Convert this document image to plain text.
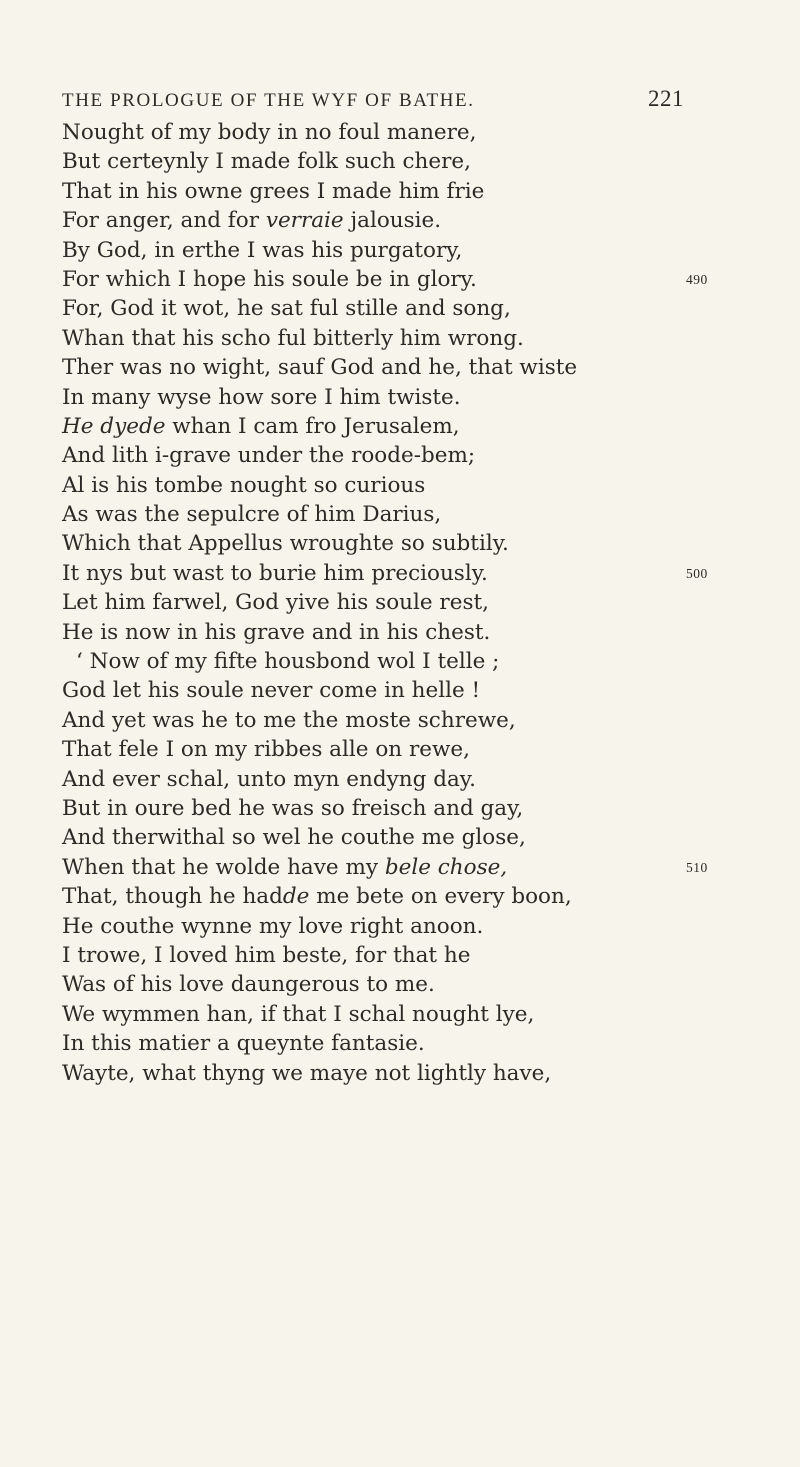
THE PROLOGUE OF THE WYF OF BATHE.	221
Nought of my body in no foul manere,
But certeynly I made folk such chere,
That in his owne grees I made him frie
For anger, and for verraie jalousie.
By God, in erthe I was his purgatory,
For which I hope his soule be in glory.	490
For, God it wot, he sat ful stille and song,
Whan that his scho ful bitterly him wrong.
Ther was no wight, sauf God and he, that wiste
In many wyse how sore I him twiste.
He dyede whan I cam fro Jerusalem,
And lith i-grave under the roode-bem;
Al is his tombe nought so curious
As was the sepulcre of him Darius,
Which that Appellus wroughte so subtily.
It nys but wast to burie him preciously.	500
Let him farwel, God yive his soule rest,
He is now in his grave and in his chest.
‘ Now of my fifte housbond wol I telle ;
God let his soule never come in helle !
And yet was he to me the moste schrewe,
That fele I on my ribbes alle on rewe,
And ever schal, unto myn endyng day.
But in oure bed he was so freisch and gay,
And therwithal so wel he couthe me glose,
When that he wolde have my bele chose,	510
That, though he hadde me bete on every boon,
He couthe wynne my love right anoon.
I trowe, I loved him beste, for that he
Was of his love daungerous to me.
We wymmen han, if that I schal nought lye,
In this matier a queynte fantasie.
Wayte, what thyng we maye not lightly have,
